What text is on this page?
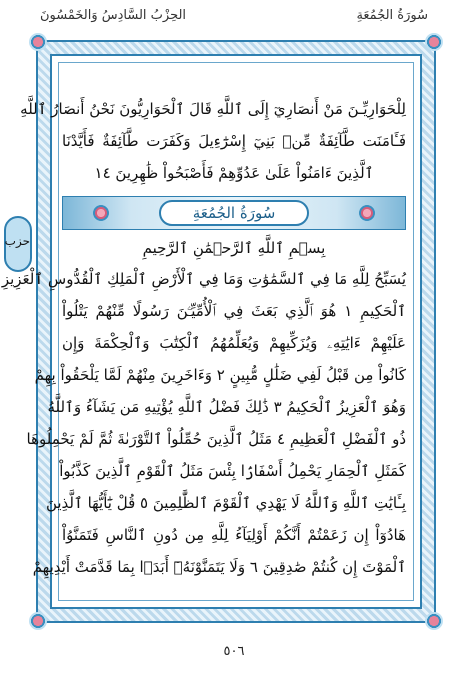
سُورَةُ الجُمُعَةِ
الحِزْبُ السَّادِسُ وَالخَمْسُونَ
حزب
لِلْحَوَارِيِّـنَ مَنْ أَنصَارِيٓ إِلَى ٱللَّهِ قَالَ ٱلْحَوَارِيُّونَ نَحْنُ أَنصَارُ ٱللَّهِ
فَـَٔامَنَت طَّآئِفَةٌ مِّنۢ بَنِيٓ إِسْرَٰٓءِيلَ وَكَفَرَت طَّآئِفَةٌ فَأَيَّدْنَا
ٱلَّذِينَ ءَامَنُواْ عَلَىٰ عَدُوِّهِمْ فَأَصْبَحُواْ ظَٰهِرِينَ ١٤
سُورَةُ الجُمُعَةِ
بِسۡمِ ٱللَّهِ ٱلرَّحۡمَٰنِ ٱلرَّحِيمِ
يُسَبِّحُ لِلَّهِ مَا فِي ٱلسَّمَٰوَٰتِ وَمَا فِي ٱلْأَرْضِ ٱلْمَلِكِ ٱلْقُدُّوسِ ٱلْعَزِيزِ
ٱلْحَكِيمِ ١ هُوَ ٱلَّذِي بَعَثَ فِي ٱلْأُمِّيِّـۧنَ رَسُولًا مِّنْهُمْ يَتْلُواْ
عَلَيْهِمْ ءَايَٰتِهِۦ وَيُزَكِّيهِمْ وَيُعَلِّمُهُمُ ٱلْكِتَٰبَ وَٱلْحِكْمَةَ وَإِن
كَانُواْ مِن قَبْلُ لَفِي ضَلَٰلٍ مُّبِينٍ ٢ وَءَاخَرِينَ مِنْهُمْ لَمَّا يَلْحَقُواْ بِهِمْ
وَهُوَ ٱلْعَزِيزُ ٱلْحَكِيمُ ٣ ذَٰلِكَ فَضْلُ ٱللَّهِ يُؤْتِيهِ مَن يَشَآءُ وَٱللَّهُ
ذُو ٱلْفَضْلِ ٱلْعَظِيمِ ٤ مَثَلُ ٱلَّذِينَ حُمِّلُواْ ٱلتَّوْرَىٰةَ ثُمَّ لَمْ يَحْمِلُوهَا
كَمَثَلِ ٱلْحِمَارِ يَحْمِلُ أَسْفَارَۢا بِئْسَ مَثَلُ ٱلْقَوْمِ ٱلَّذِينَ كَذَّبُواْ
بِـَٔايَٰتِ ٱللَّهِ وَٱللَّهُ لَا يَهْدِي ٱلْقَوْمَ ٱلظَّٰلِمِينَ ٥ قُلْ يَٰٓأَيُّهَا ٱلَّذِينَ
هَادُوٓاْ إِن زَعَمْتُمْ أَنَّكُمْ أَوْلِيَآءُ لِلَّهِ مِن دُونِ ٱلنَّاسِ فَتَمَنَّوُاْ
ٱلْمَوْتَ إِن كُنتُمْ صَٰدِقِينَ ٦ وَلَا يَتَمَنَّوْنَهُۥٓ أَبَدَۢا بِمَا قَدَّمَتْ أَيْدِيهِمْ
٥٠٦
